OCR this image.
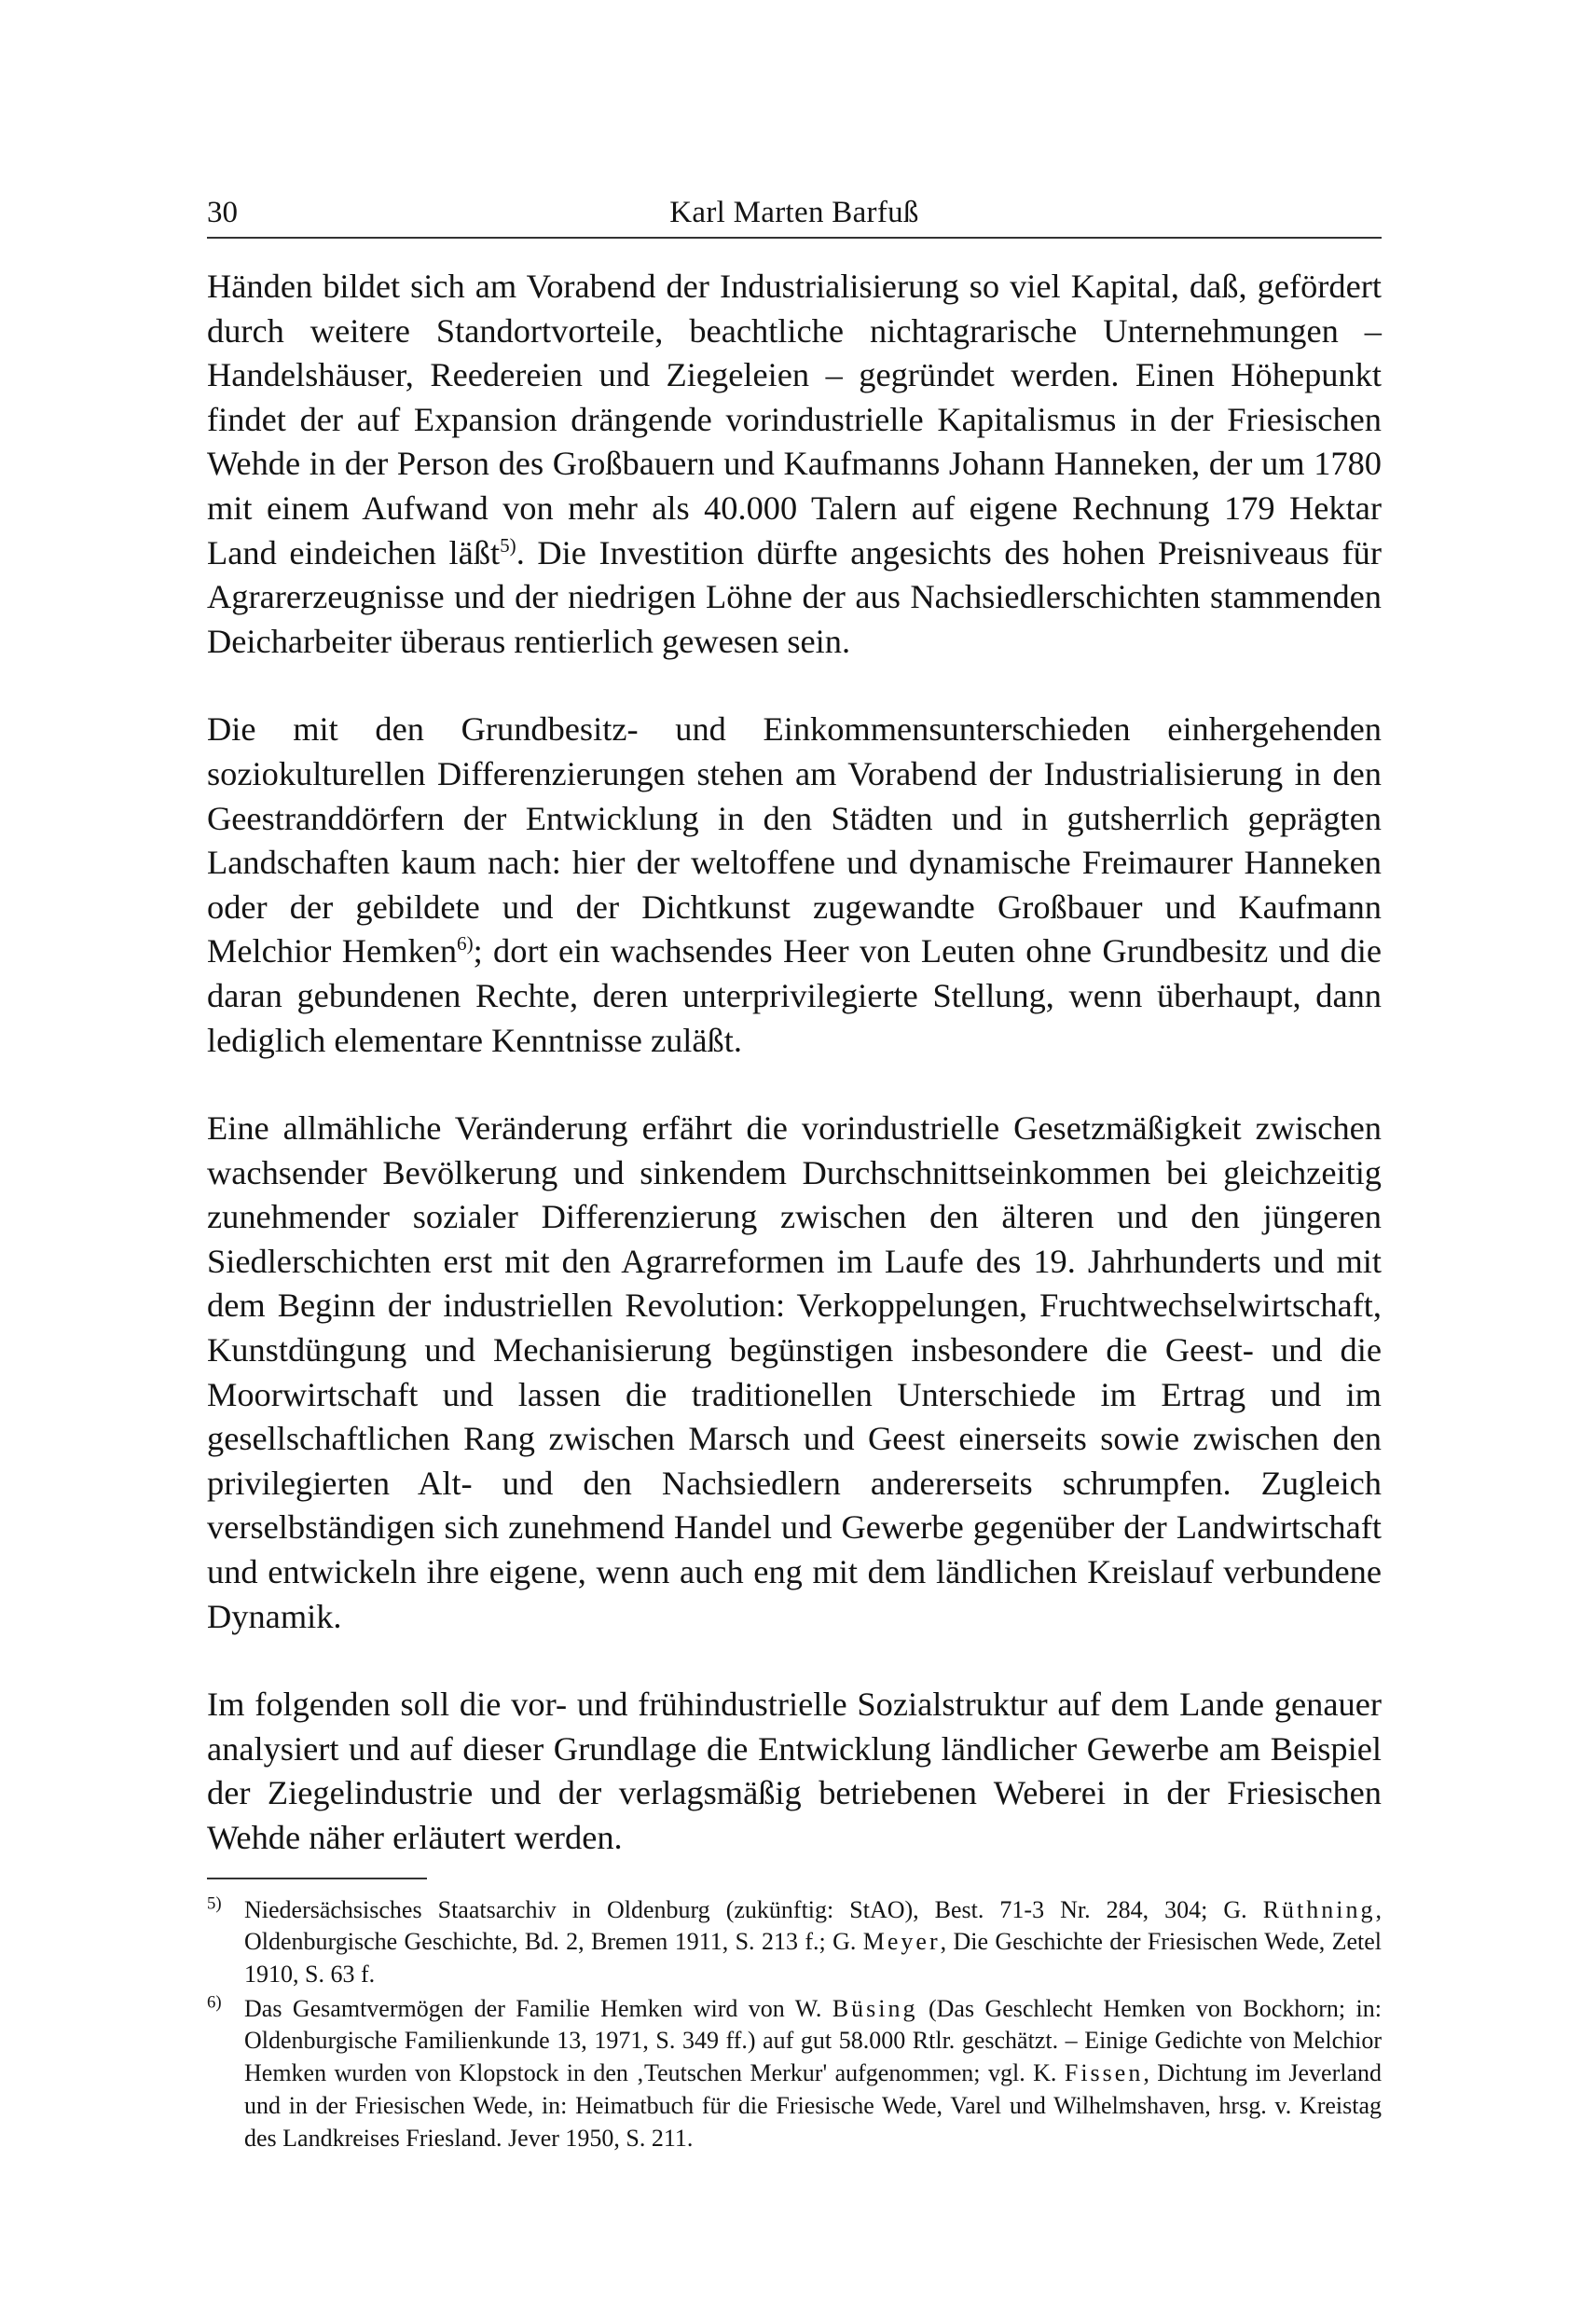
30	Karl Marten Barfuß

Händen bildet sich am Vorabend der Industrialisierung so viel Kapital, daß, gefördert durch weitere Standortvorteile, beachtliche nichtagrarische Unternehmungen – Handelshäuser, Reedereien und Ziegeleien – gegründet werden. Einen Höhepunkt findet der auf Expansion drängende vorindustrielle Kapitalismus in der Friesischen Wehde in der Person des Großbauern und Kaufmanns Johann Hanneken, der um 1780 mit einem Aufwand von mehr als 40.000 Talern auf eigene Rechnung 179 Hektar Land eindeichen läßt$^{5)}$. Die Investition dürfte angesichts des hohen Preisniveaus für Agrarerzeugnisse und der niedrigen Löhne der aus Nachsiedlerschichten stammenden Deicharbeiter überaus rentierlich gewesen sein.

Die mit den Grundbesitz- und Einkommensunterschieden einhergehenden soziokulturellen Differenzierungen stehen am Vorabend der Industrialisierung in den Geestranddörfern der Entwicklung in den Städten und in gutsherrlich geprägten Landschaften kaum nach: hier der weltoffene und dynamische Freimaurer Hanneken oder der gebildete und der Dichtkunst zugewandte Großbauer und Kaufmann Melchior Hemken$^{6)}$; dort ein wachsendes Heer von Leuten ohne Grundbesitz und die daran gebundenen Rechte, deren unterprivilegierte Stellung, wenn überhaupt, dann lediglich elementare Kenntnisse zuläßt.

Eine allmähliche Veränderung erfährt die vorindustrielle Gesetzmäßigkeit zwischen wachsender Bevölkerung und sinkendem Durchschnittseinkommen bei gleichzeitig zunehmender sozialer Differenzierung zwischen den älteren und den jüngeren Siedlerschichten erst mit den Agrarreformen im Laufe des 19. Jahrhunderts und mit dem Beginn der industriellen Revolution: Verkoppelungen, Fruchtwechselwirtschaft, Kunstdüngung und Mechanisierung begünstigen insbesondere die Geest- und die Moorwirtschaft und lassen die traditionellen Unterschiede im Ertrag und im gesellschaftlichen Rang zwischen Marsch und Geest einerseits sowie zwischen den privilegierten Alt- und den Nachsiedlern andererseits schrumpfen. Zugleich verselbständigen sich zunehmend Handel und Gewerbe gegenüber der Landwirtschaft und entwickeln ihre eigene, wenn auch eng mit dem ländlichen Kreislauf verbundene Dynamik.

Im folgenden soll die vor- und frühindustrielle Sozialstruktur auf dem Lande genauer analysiert und auf dieser Grundlage die Entwicklung ländlicher Gewerbe am Beispiel der Ziegelindustrie und der verlagsmäßig betriebenen Weberei in der Friesischen Wehde näher erläutert werden.

$^{5)}$ Niedersächsisches Staatsarchiv in Oldenburg (zukünftig: StAO), Best. 71-3 Nr. 284, 304; G. Rüthning, Oldenburgische Geschichte, Bd. 2, Bremen 1911, S. 213 f.; G. Meyer, Die Geschichte der Friesischen Wede, Zetel 1910, S. 63 f.

$^{6)}$ Das Gesamtvermögen der Familie Hemken wird von W. Büsing (Das Geschlecht Hemken von Bockhorn; in: Oldenburgische Familienkunde 13, 1971, S. 349 ff.) auf gut 58.000 Rtlr. geschätzt. – Einige Gedichte von Melchior Hemken wurden von Klopstock in den ‚Teutschen Merkur' aufgenommen; vgl. K. Fissen, Dichtung im Jeverland und in der Friesischen Wede, in: Heimatbuch für die Friesische Wede, Varel und Wilhelmshaven, hrsg. v. Kreistag des Landkreises Friesland. Jever 1950, S. 211.
